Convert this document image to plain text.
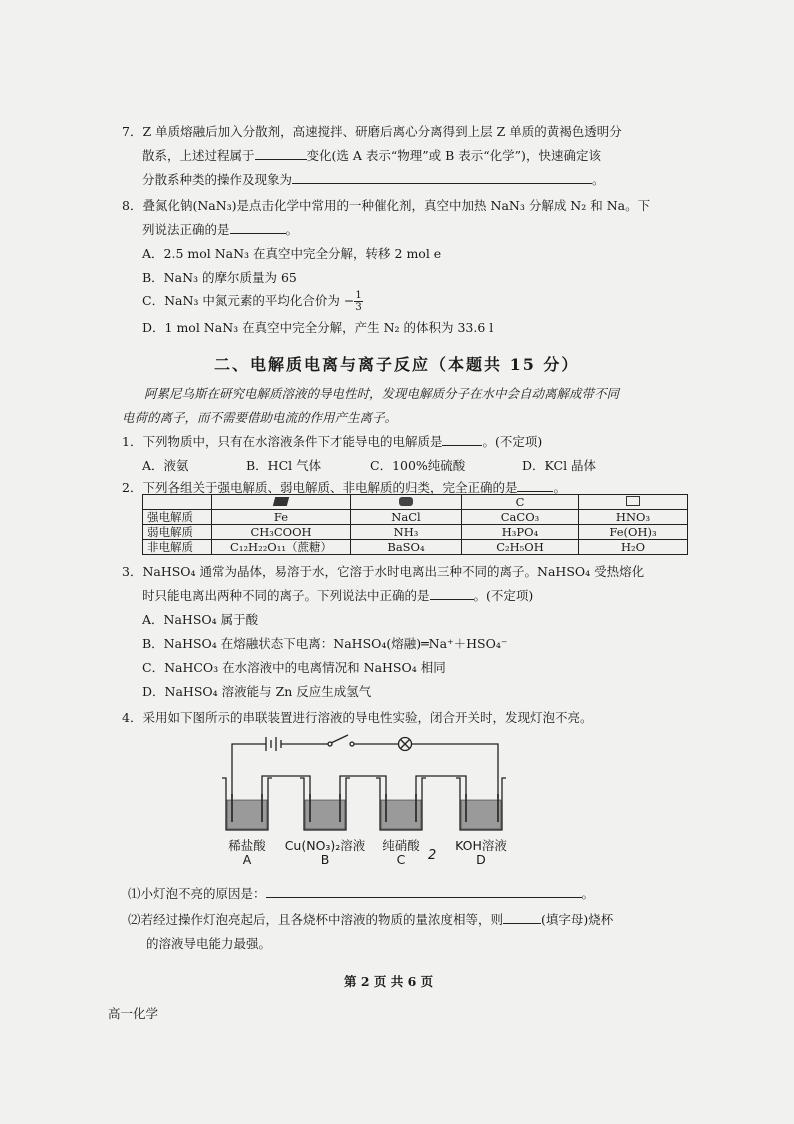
7．Z 单质熔融后加入分散剂，高速搅拌、研磨后离心分离得到上层 Z 单质的黄褐色透明分
散系，上述过程属于	变化(选 A 表示“物理”或 B 表示“化学”)，快速确定该
分散系种类的操作及现象为	。
8．叠氮化钠(NaN₃)是点击化学中常用的一种催化剂，真空中加热 NaN₃ 分解成 N₂ 和 Na。下
列说法正确的是	。
A．2.5 mol NaN₃ 在真空中完全分解，转移 2 mol e
B．NaN₃ 的摩尔质量为 65
C．NaN₃ 中氮元素的平均化合价为 − $\frac{1}{3}$
D．1 mol NaN₃ 在真空中完全分解，产生 N₂ 的体积为 33.6 l
二、电解质电离与离子反应（本题共 15 分）
阿累尼乌斯在研究电解质溶液的导电性时，发现电解质分子在水中会自动离解成带不同
电荷的离子，而不需要借助电流的作用产生离子。
1．下列物质中，只有在水溶液条件下才能导电的电解质是	。(不定项)
A．液氨	B．HCl 气体	C．100%纯硫酸	D．KCl 晶体
2．下列各组关于强电解质、弱电解质、非电解质的归类，完全正确的是	。
			C	
强电解质	Fe	NaCl	CaCO₃	HNO₃
弱电解质	CH₃COOH	NH₃	H₃PO₄	Fe(OH)₃
非电解质	C₁₂H₂₂O₁₁（蔗糖）	BaSO₄	C₂H₅OH	H₂O
3．NaHSO₄ 通常为晶体，易溶于水，它溶于水时电离出三种不同的离子。NaHSO₄ 受热熔化
时只能电离出两种不同的离子。下列说法中正确的是	。(不定项)
A．NaHSO₄ 属于酸
B．NaHSO₄ 在熔融状态下电离：NaHSO₄(熔融)═Na⁺＋HSO₄⁻
C．NaHCO₃ 在水溶液中的电离情况和 NaHSO₄ 相同
D．NaHSO₄ 溶液能与 Zn 反应生成氢气
4．采用如下图所示的串联装置进行溶液的导电性实验，闭合开关时，发现灯泡不亮。
稀盐酸
A
Cu(NO₃)₂溶液
B
纯硝酸
C	2
KOH溶液
D
⑴小灯泡不亮的原因是：	。
⑵若经过操作灯泡亮起后，且各烧杯中溶液的物质的量浓度相等，则	(填字母)烧杯
的溶液导电能力最强。
第 2 页 共 6 页
高一化学
